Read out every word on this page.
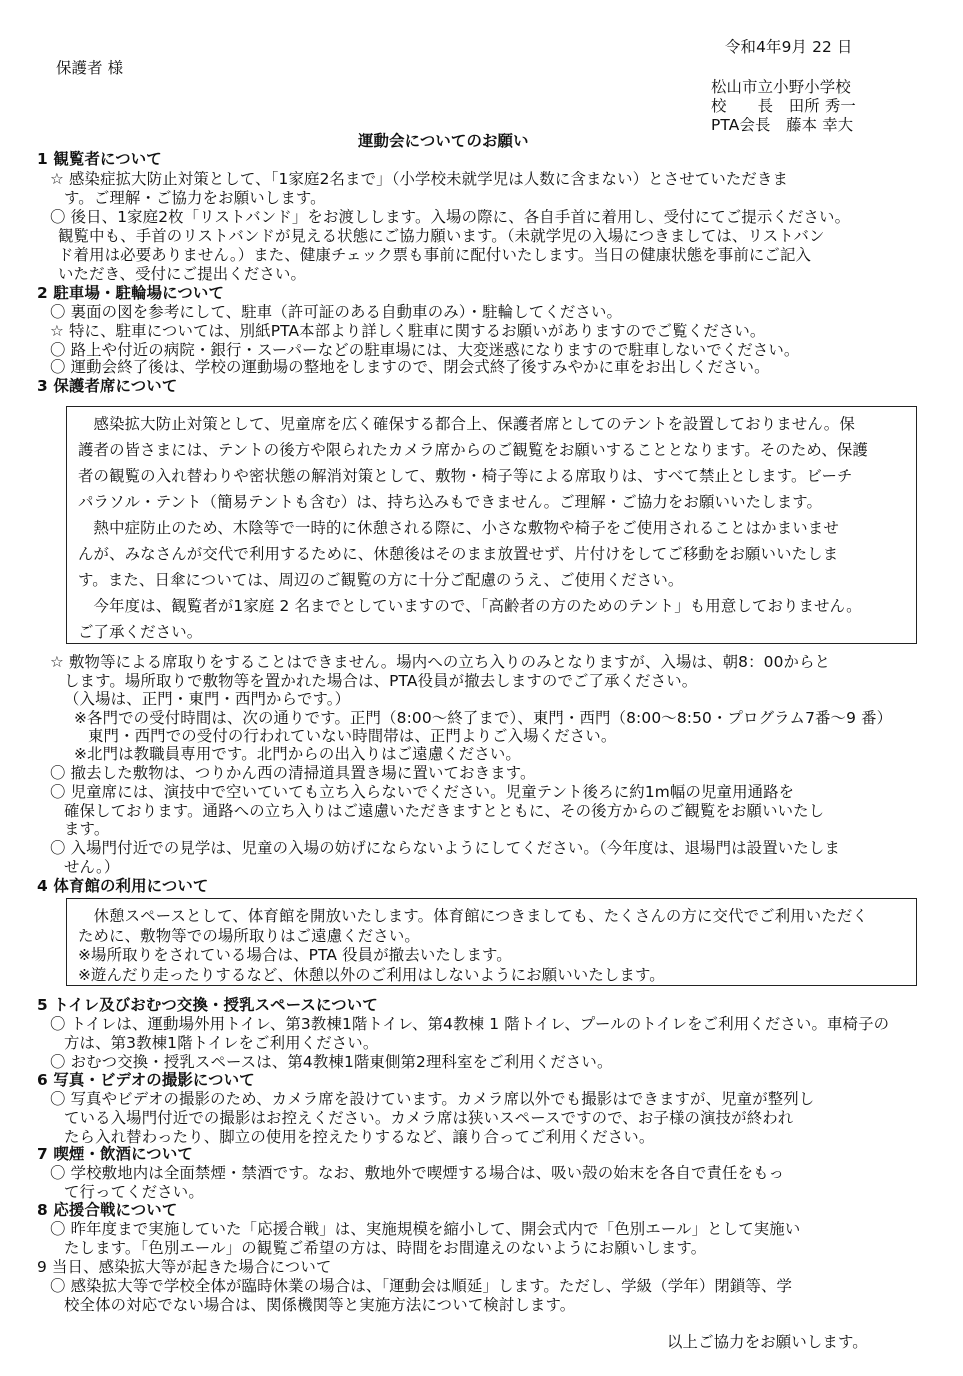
令和4年9月 22 日
保護者 様
松山市立小野小学校
校　　長　田所 秀一
PTA会長　藤本 幸大
運動会についてのお願い
1 観覧者について
☆ 感染症拡大防止対策として、「1家庭2名まで」（小学校未就学児は人数に含まない）とさせていただきま
す。ご理解・ご協力をお願いします。
〇 後日、1家庭2枚「リストバンド」をお渡しします。入場の際に、各自手首に着用し、受付にてご提示ください。
観覧中も、手首のリストバンドが見える状態にご協力願います。（未就学児の入場につきましては、リストバン
ド着用は必要ありません。）また、健康チェック票も事前に配付いたします。当日の健康状態を事前にご記入
いただき、受付にご提出ください。
2 駐車場・駐輪場について
〇 裏面の図を参考にして、駐車（許可証のある自動車のみ）・駐輪してください。
☆ 特に、駐車については、別紙PTA本部より詳しく駐車に関するお願いがありますのでご覧ください。
〇 路上や付近の病院・銀行・スーパーなどの駐車場には、大変迷惑になりますので駐車しないでください。
〇 運動会終了後は、学校の運動場の整地をしますので、閉会式終了後すみやかに車をお出しください。
3 保護者席について
　感染拡大防止対策として、児童席を広く確保する都合上、保護者席としてのテントを設置しておりません。保
護者の皆さまには、テントの後方や限られたカメラ席からのご観覧をお願いすることとなります。そのため、保護
者の観覧の入れ替わりや密状態の解消対策として、敷物・椅子等による席取りは、すべて禁止とします。ビーチ
パラソル・テント（簡易テントも含む）は、持ち込みもできません。ご理解・ご協力をお願いいたします。
　熱中症防止のため、木陰等で一時的に休憩される際に、小さな敷物や椅子をご使用されることはかまいませ
んが、みなさんが交代で利用するために、休憩後はそのまま放置せず、片付けをしてご移動をお願いいたしま
す。また、日傘については、周辺のご観覧の方に十分ご配慮のうえ、ご使用ください。
　今年度は、観覧者が1家庭 2 名までとしていますので、「高齢者の方のためのテント」も用意しておりません。
ご了承ください。
☆ 敷物等による席取りをすることはできません。場内への立ち入りのみとなりますが、入場は、朝8：00からと
します。場所取りで敷物等を置かれた場合は、PTA役員が撤去しますのでご了承ください。
（入場は、正門・東門・西門からです。）
※各門での受付時間は、次の通りです。正門（8:00～終了まで）、東門・西門（8:00～8:50・プログラム7番～9 番）
東門・西門での受付の行われていない時間帯は、正門よりご入場ください。
※北門は教職員専用です。北門からの出入りはご遠慮ください。
〇 撤去した敷物は、つりかん西の清掃道具置き場に置いておきます。
〇 児童席には、演技中で空いていても立ち入らないでください。児童テント後ろに約1m幅の児童用通路を
確保しております。通路への立ち入りはご遠慮いただきますとともに、その後方からのご観覧をお願いいたし
ます。
〇 入場門付近での見学は、児童の入場の妨げにならないようにしてください。（今年度は、退場門は設置いたしま
せん。）
4 体育館の利用について
　休憩スペースとして、体育館を開放いたします。体育館につきましても、たくさんの方に交代でご利用いただく
ために、敷物等での場所取りはご遠慮ください。
※場所取りをされている場合は、PTA 役員が撤去いたします。
※遊んだり走ったりするなど、休憩以外のご利用はしないようにお願いいたします。
5 トイレ及びおむつ交換・授乳スペースについて
〇 トイレは、運動場外用トイレ、第3教棟1階トイレ、第4教棟 1 階トイレ、プールのトイレをご利用ください。車椅子の
方は、第3教棟1階トイレをご利用ください。
〇 おむつ交換・授乳スペースは、第4教棟1階東側第2理科室をご利用ください。
6 写真・ビデオの撮影について
〇 写真やビデオの撮影のため、カメラ席を設けています。カメラ席以外でも撮影はできますが、児童が整列し
ている入場門付近での撮影はお控えください。カメラ席は狭いスペースですので、お子様の演技が終われ
たら入れ替わったり、脚立の使用を控えたりするなど、譲り合ってご利用ください。
7 喫煙・飲酒について
〇 学校敷地内は全面禁煙・禁酒です。なお、敷地外で喫煙する場合は、吸い殻の始末を各自で責任をもっ
て行ってください。
8 応援合戦について
〇 昨年度まで実施していた「応援合戦」は、実施規模を縮小して、開会式内で「色別エール」として実施い
たします。「色別エール」の観覧ご希望の方は、時間をお間違えのないようにお願いします。
9 当日、感染拡大等が起きた場合について
〇 感染拡大等で学校全体が臨時休業の場合は、「運動会は順延」します。ただし、学級（学年）閉鎖等、学
校全体の対応でない場合は、関係機関等と実施方法について検討します。
以上ご協力をお願いします。
